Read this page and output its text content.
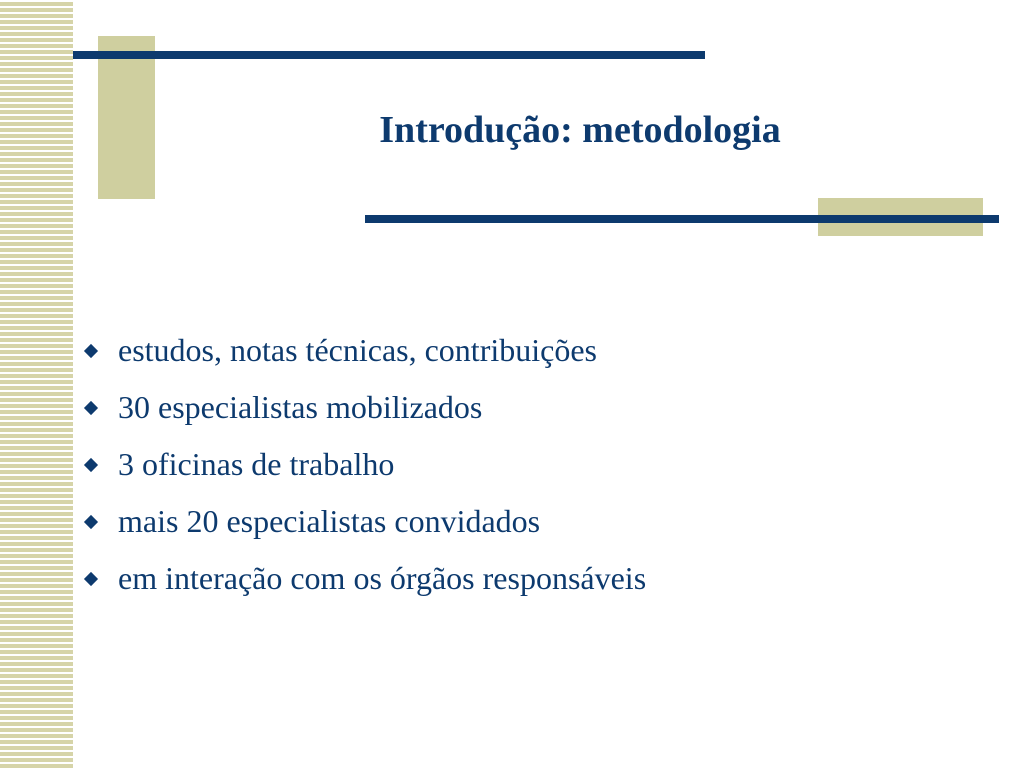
Introdução: metodologia
estudos, notas técnicas, contribuições
30 especialistas mobilizados
3 oficinas de trabalho
mais 20 especialistas convidados
em interação com os órgãos responsáveis
